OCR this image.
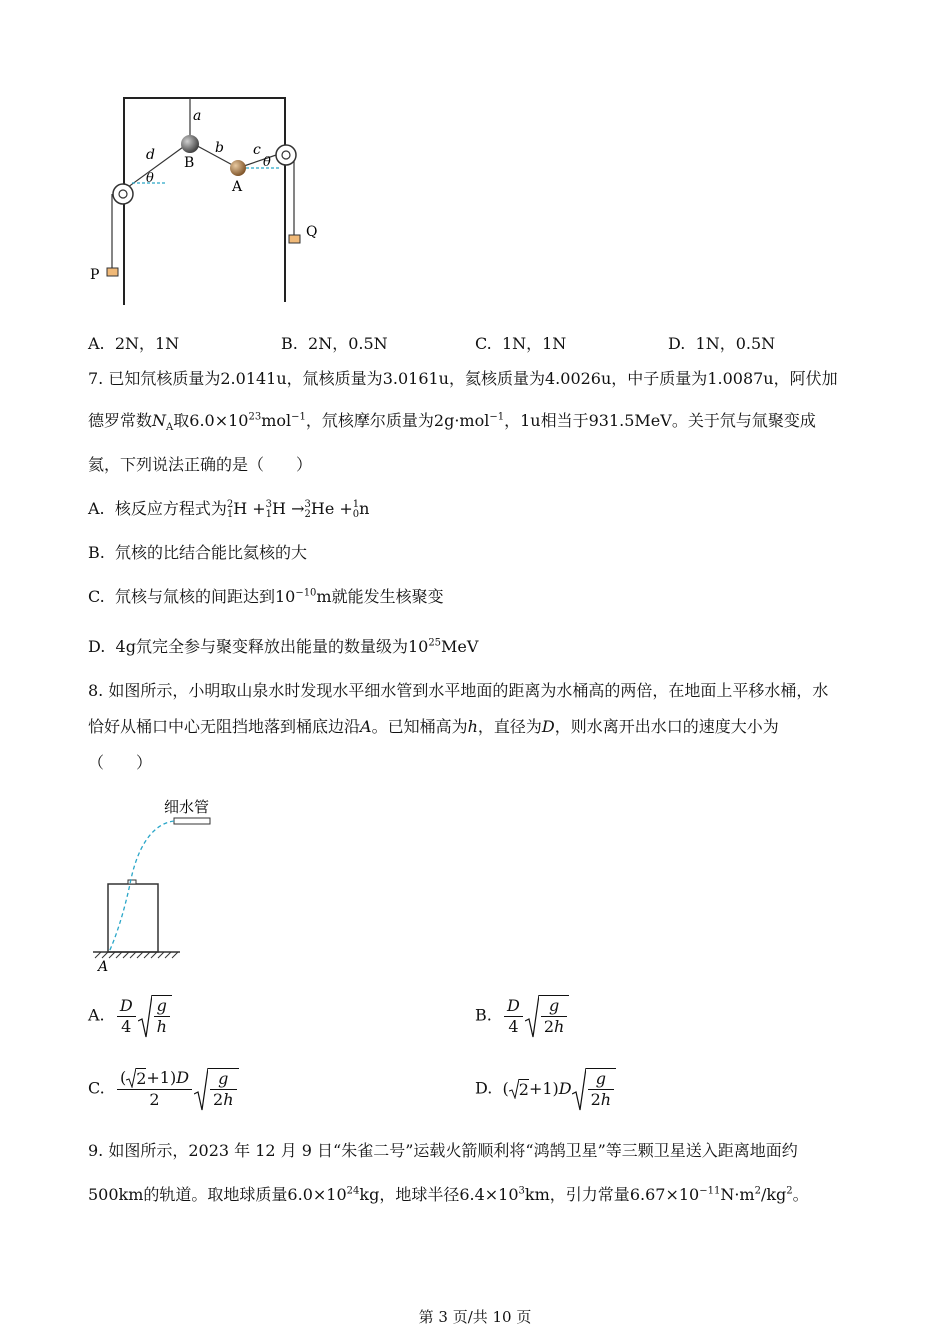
a
d B
b c
A
θ
θ
P
Q
A. 2N，1N	B. 2N，0.5N	C. 1N，1N	D. 1N，0.5N
7. 已知氘核质量为2.0141u，氚核质量为3.0161u，氦核质量为4.0026u，中子质量为1.0087u，阿伏加
德罗常数$N_A$取$6.0\times 10^{23}mol^{-1}$，氘核摩尔质量为2g·mol$^{-1}$，1u相当于931.5MeV。关于氘与氚聚变成
氦，下列说法正确的是（　　）
A. 核反应方程式为 2
1 H + 3
1 H → 3
2 He + 1
0 n
B. 氘核的比结合能比氦核的大
C. 氘核与氚核的间距达到$10^{-10}m$就能发生核聚变
D. 4g氘完全参与聚变释放出能量的数量级为$10^{25}MeV$
8. 如图所示，小明取山泉水时发现水平细水管到水平地面的距离为水桶高的两倍，在地面上平移水桶，水
恰好从桶口中心无阻挡地落到桶底边沿A。已知桶高为h，直径为D，则水离开出水口的速度大小为
（　　）
细水管
A
A. $\frac{D}{4} \frac{g}{h}$	B. $\frac{D}{4} \frac{g}{2h}$
C. $\frac{( 2+1)D}{2} \frac{g}{2h}$	D. ( $2+1)D \frac{g}{2h}$
9. 如图所示，2023 年 12 月 9 日“朱雀二号”运载火箭顺利将“鸿鹄卫星”等三颗卫星送入距离地面约
500km的轨道。取地球质量$6.0\times 10^{24}kg$，地球半径$6.4\times 10^3km$，引力常量$6.67\times 10^{-11}N\cdot m^2/kg^2$。
第 3 页/共 10 页
